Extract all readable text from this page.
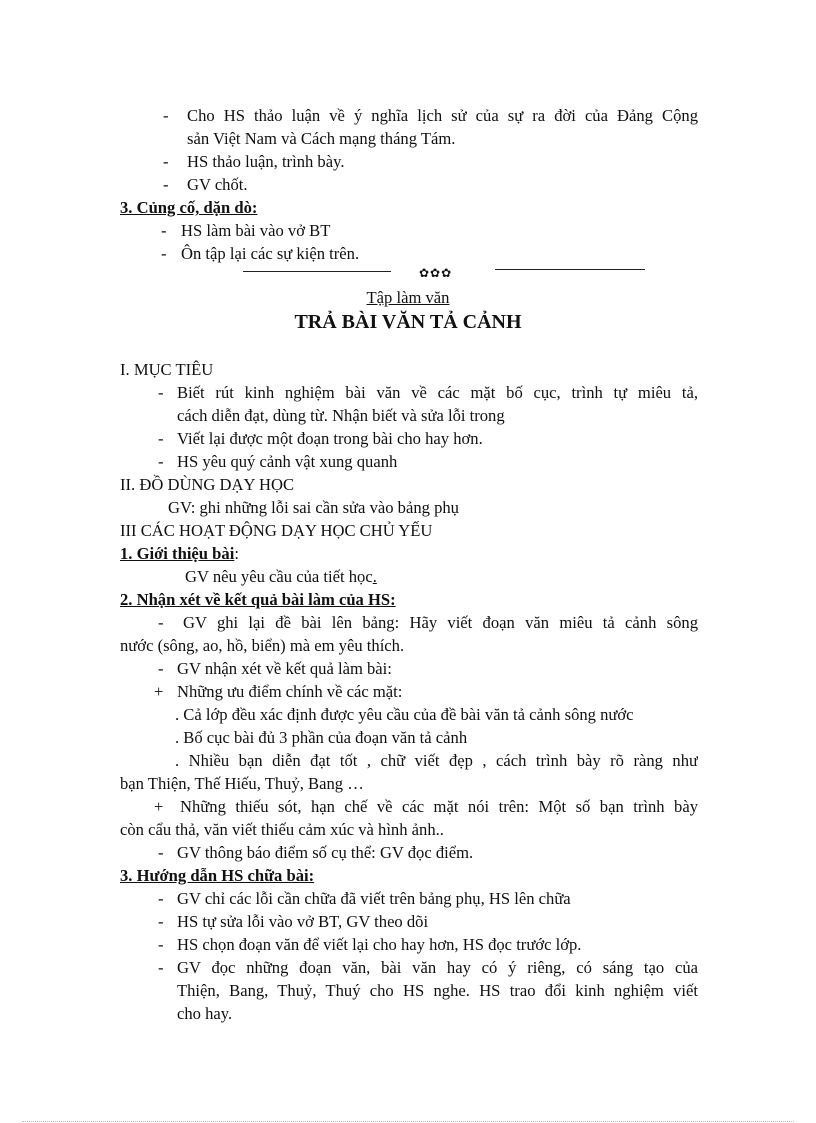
- Cho HS thảo luận về ý nghĩa lịch sử của sự ra đời của Đảng Cộng
sản Việt Nam và Cách mạng tháng Tám.
- HS thảo luận, trình bày.
- GV chốt.
3. Củng cố, dặn dò:
- HS làm bài vào vở BT
- Ôn tập lại các sự kiện trên.
✿✿✿
Tập làm văn
TRẢ BÀI VĂN TẢ CẢNH
I. MỤC TIÊU
- Biết rút kinh nghiệm bài văn về các mặt bố cục, trình tự miêu tả,
cách diễn đạt, dùng từ. Nhận biết và sửa lỗi trong
- Viết lại được một đoạn trong bài cho hay hơn.
- HS yêu quý cảnh vật xung quanh
II. ĐỒ DÙNG DẠY HỌC
GV: ghi những lỗi sai cần sửa vào bảng phụ
III CÁC HOẠT ĐỘNG DẠY HỌC CHỦ YẾU
1. Giới thiệu bài:
GV nêu yêu cầu của tiết học.
2. Nhận xét về kết quả bài làm của HS:
- GV ghi lại đề bài lên bảng: Hãy viết đoạn văn miêu tả cảnh sông
nước (sông, ao, hồ, biển) mà em yêu thích.
- GV nhận xét về kết quả làm bài:
+ Những ưu điểm chính về các mặt:
. Cả lớp đều xác định được yêu cầu của đề bài văn tả cảnh sông nước
. Bố cục bài đủ 3 phần của đoạn văn tả cảnh
. Nhiều bạn diễn đạt tốt , chữ viết đẹp , cách trình bày rõ ràng như
bạn Thiện, Thế Hiếu, Thuỷ, Bang …
+ Những thiếu sót, hạn chế về các mặt nói trên: Một số bạn trình bày
còn cẩu thả, văn viết thiếu cảm xúc và hình ảnh..
- GV thông báo điểm số cụ thể: GV đọc điểm.
3. Hướng dẫn HS chữa bài:
- GV chỉ các lỗi cần chữa đã viết trên bảng phụ, HS lên chữa
- HS tự sửa lỗi vào vở BT, GV theo dõi
- HS chọn đoạn văn để viết lại cho hay hơn, HS đọc trước lớp.
- GV đọc những đoạn văn, bài văn hay có ý riêng, có sáng tạo của
Thiện, Bang, Thuỷ, Thuý cho HS nghe. HS trao đổi kinh nghiệm viết
cho hay.
